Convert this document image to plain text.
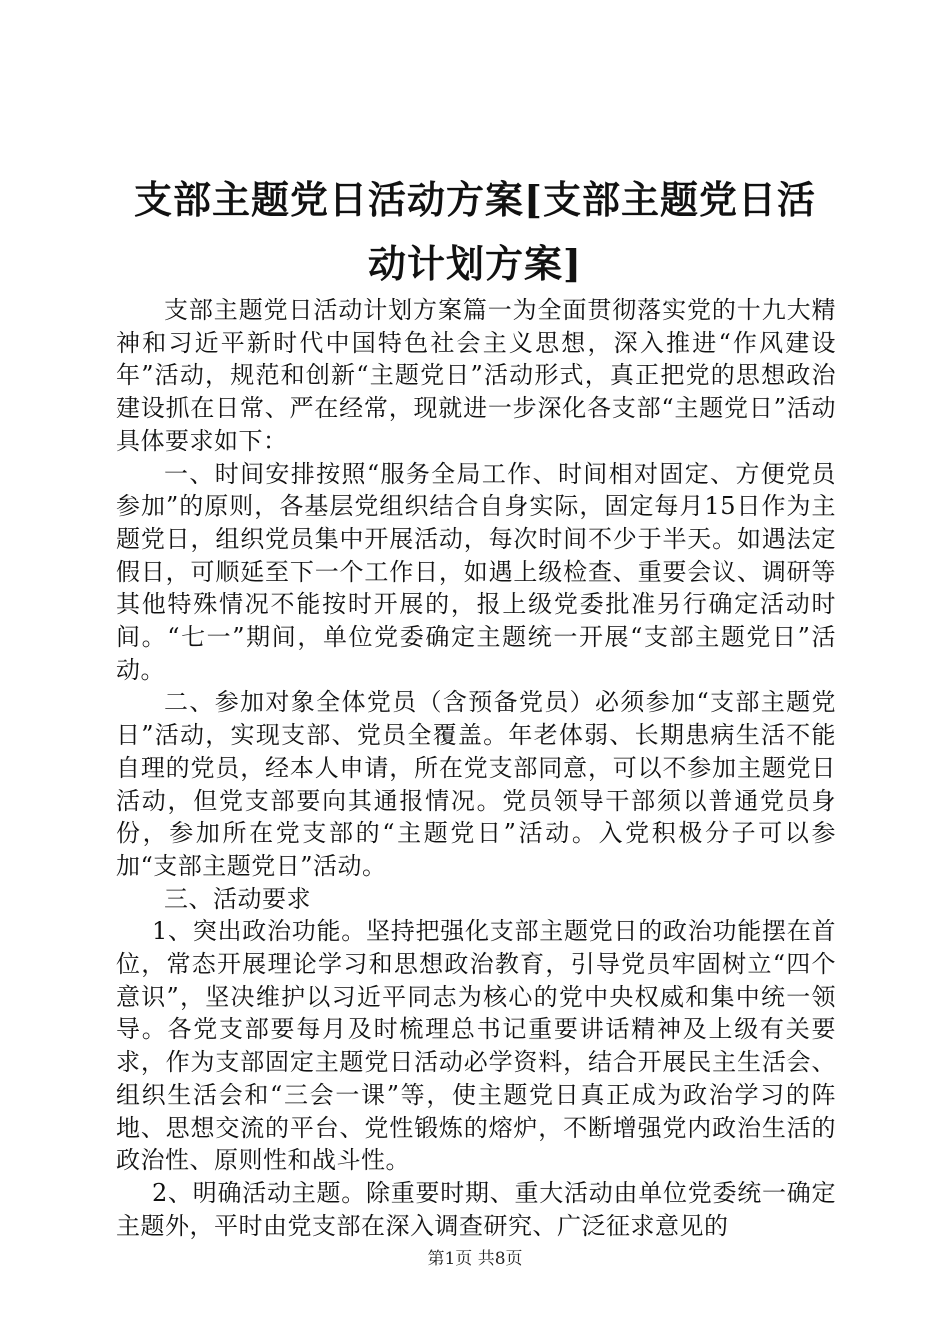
支部主题党日活动方案[支部主题党日活动计划方案]

支部主题党日活动计划方案篇一为全面贯彻落实党的十九大精神和习近平新时代中国特色社会主义思想，深入推进“作风建设年”活动，规范和创新“主题党日”活动形式，真正把党的思想政治建设抓在日常、严在经常，现就进一步深化各支部“主题党日”活动具体要求如下：

一、时间安排按照“服务全局工作、时间相对固定、方便党员参加”的原则，各基层党组织结合自身实际，固定每月15日作为主题党日，组织党员集中开展活动，每次时间不少于半天。如遇法定假日，可顺延至下一个工作日，如遇上级检查、重要会议、调研等其他特殊情况不能按时开展的，报上级党委批准另行确定活动时间。“七一”期间，单位党委确定主题统一开展“支部主题党日”活动。

二、参加对象全体党员（含预备党员）必须参加“支部主题党日”活动，实现支部、党员全覆盖。年老体弱、长期患病生活不能自理的党员，经本人申请，所在党支部同意，可以不参加主题党日活动，但党支部要向其通报情况。党员领导干部须以普通党员身份，参加所在党支部的“主题党日”活动。入党积极分子可以参加“支部主题党日”活动。

三、活动要求

1、突出政治功能。坚持把强化支部主题党日的政治功能摆在首位，常态开展理论学习和思想政治教育，引导党员牢固树立“四个意识”，坚决维护以习近平同志为核心的党中央权威和集中统一领导。各党支部要每月及时梳理总书记重要讲话精神及上级有关要求，作为支部固定主题党日活动必学资料，结合开展民主生活会、组织生活会和“三会一课”等，使主题党日真正成为政治学习的阵地、思想交流的平台、党性锻炼的熔炉，不断增强党内政治生活的政治性、原则性和战斗性。

2、明确活动主题。除重要时期、重大活动由单位党委统一确定主题外，平时由党支部在深入调查研究、广泛征求意见的

第1页 共8页
